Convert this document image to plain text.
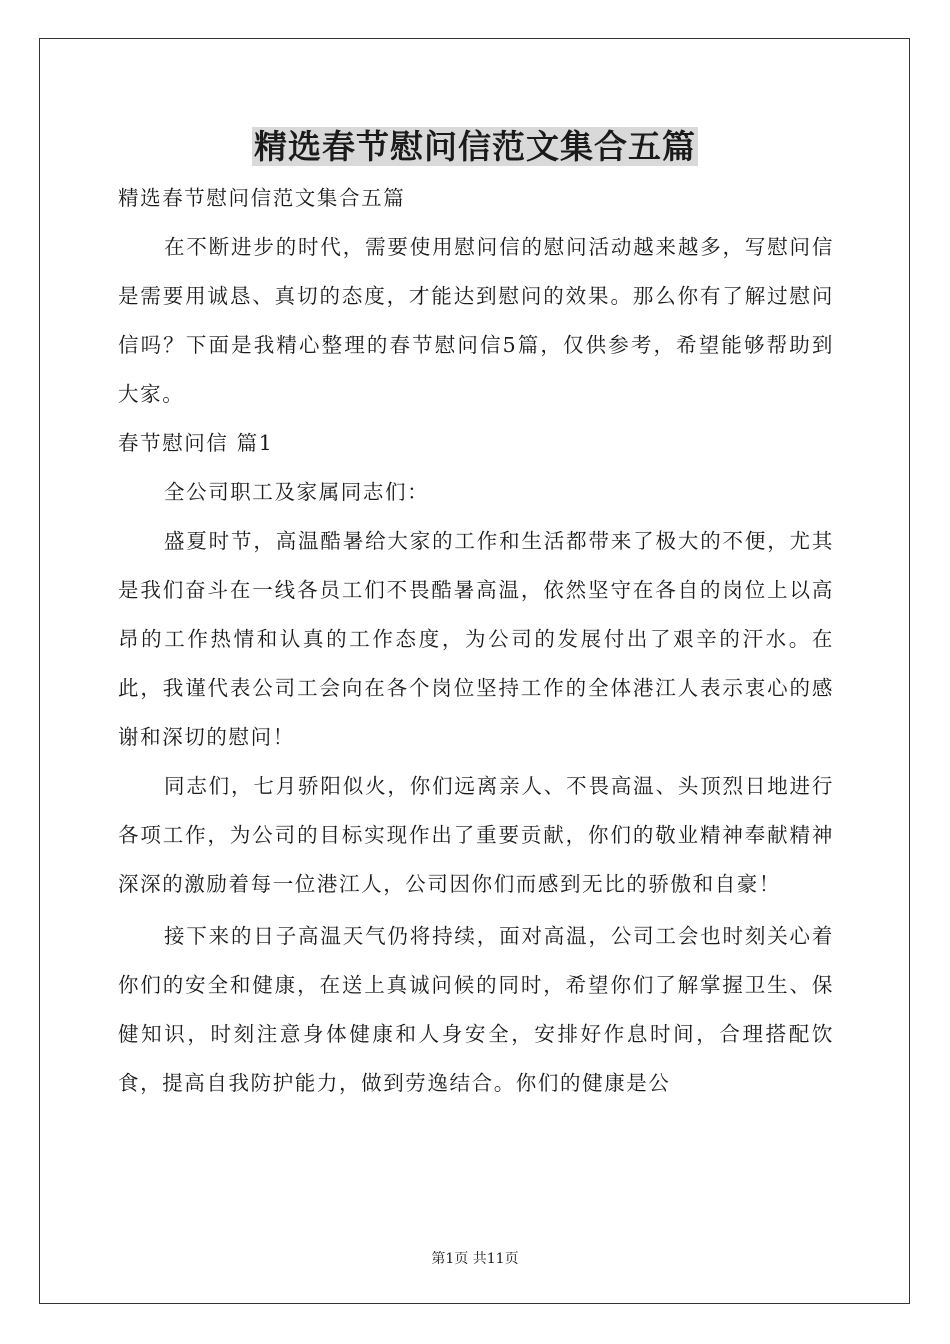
精选春节慰问信范文集合五篇

精选春节慰问信范文集合五篇

在不断进步的时代，需要使用慰问信的慰问活动越来越多，写慰问信是需要用诚恳、真切的态度，才能达到慰问的效果。那么你有了解过慰问信吗？下面是我精心整理的春节慰问信5篇，仅供参考，希望能够帮助到大家。

春节慰问信 篇1

全公司职工及家属同志们：

盛夏时节，高温酷暑给大家的工作和生活都带来了极大的不便，尤其是我们奋斗在一线各员工们不畏酷暑高温，依然坚守在各自的岗位上以高昂的工作热情和认真的工作态度，为公司的发展付出了艰辛的汗水。在此，我谨代表公司工会向在各个岗位坚持工作的全体港江人表示衷心的感谢和深切的慰问！

同志们，七月骄阳似火，你们远离亲人、不畏高温、头顶烈日地进行各项工作，为公司的目标实现作出了重要贡献，你们的敬业精神奉献精神深深的激励着每一位港江人，公司因你们而感到无比的骄傲和自豪！

接下来的日子高温天气仍将持续，面对高温，公司工会也时刻关心着你们的安全和健康，在送上真诚问候的同时，希望你们了解掌握卫生、保健知识，时刻注意身体健康和人身安全，安排好作息时间，合理搭配饮食，提高自我防护能力，做到劳逸结合。你们的健康是公

第1页 共11页
